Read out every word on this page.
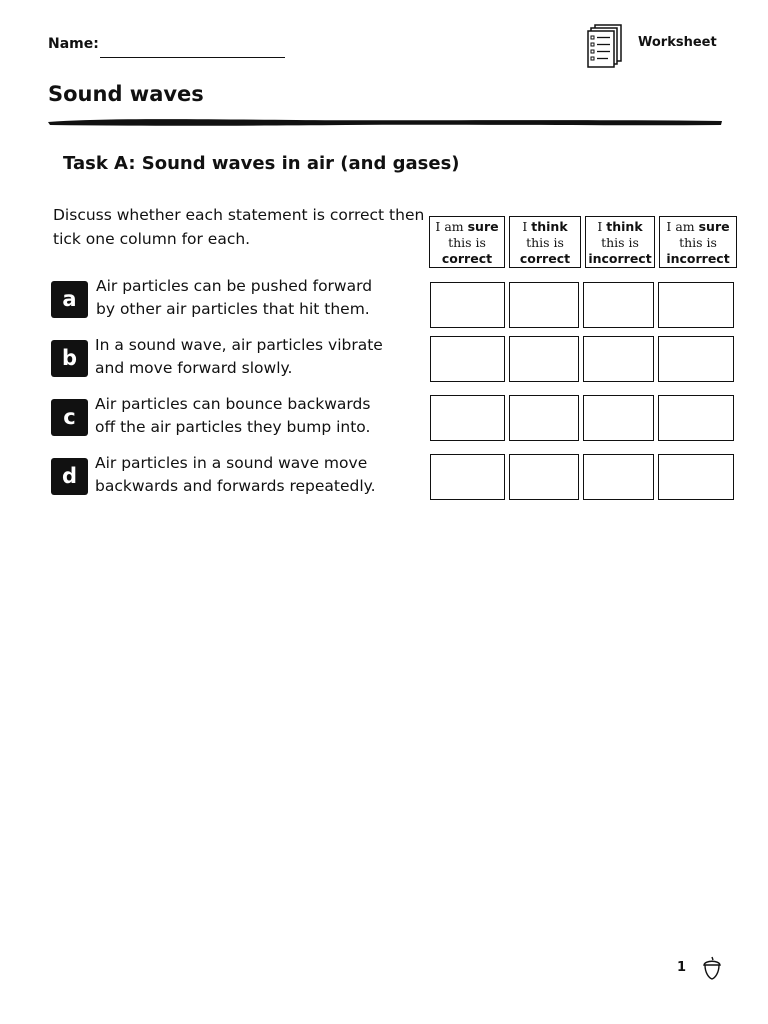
Name:	Worksheet
Sound waves
Task A: Sound waves in air (and gases)
Discuss whether each statement is correct then tick one column for each.
I am sure
this is
correct
I think
this is
correct
I think
this is
incorrect
I am sure
this is
incorrect
a
Air particles can be pushed forward
by other air particles that hit them.
b
In a sound wave, air particles vibrate
and move forward slowly.
c
Air particles can bounce backwards
off the air particles they bump into.
d
Air particles in a sound wave move
backwards and forwards repeatedly.
1
